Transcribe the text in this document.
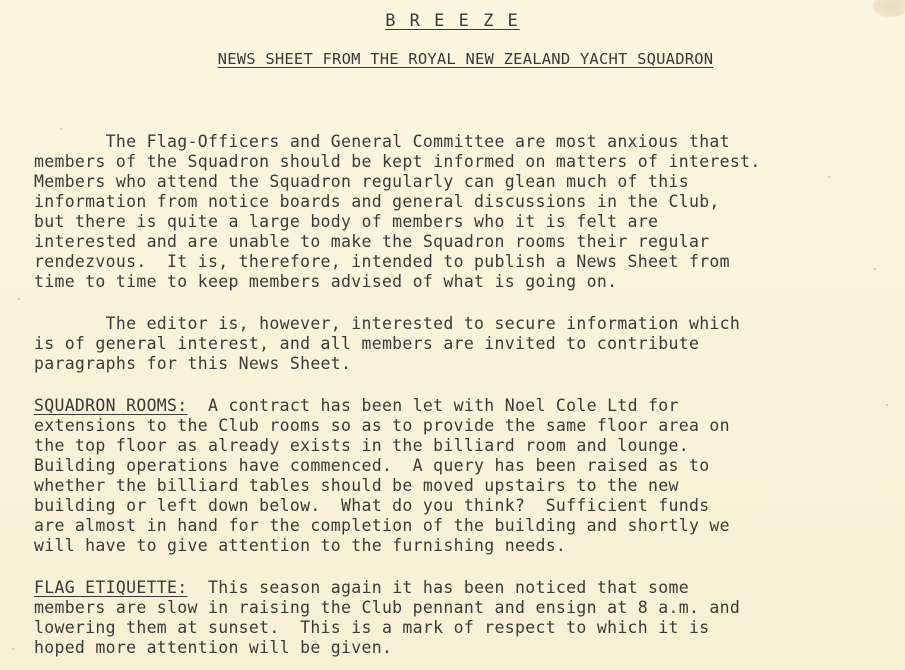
B R E E Z E
NEWS SHEET FROM THE ROYAL NEW ZEALAND YACHT SQUADRON
The Flag-Officers and General Committee are most anxious that
members of the Squadron should be kept informed on matters of interest.
Members who attend the Squadron regularly can glean much of this
information from notice boards and general discussions in the Club,
but there is quite a large body of members who it is felt are
interested and are unable to make the Squadron rooms their regular
rendezvous.  It is, therefore, intended to publish a News Sheet from
time to time to keep members advised of what is going on.
The editor is, however, interested to secure information which
is of general interest, and all members are invited to contribute
paragraphs for this News Sheet.
SQUADRON ROOMS:  A contract has been let with Noel Cole Ltd for
extensions to the Club rooms so as to provide the same floor area on
the top floor as already exists in the billiard room and lounge.
Building operations have commenced.  A query has been raised as to
whether the billiard tables should be moved upstairs to the new
building or left down below.  What do you think?  Sufficient funds
are almost in hand for the completion of the building and shortly we
will have to give attention to the furnishing needs.
FLAG ETIQUETTE:  This season again it has been noticed that some
members are slow in raising the Club pennant and ensign at 8 a.m. and
lowering them at sunset.  This is a mark of respect to which it is
hoped more attention will be given.
